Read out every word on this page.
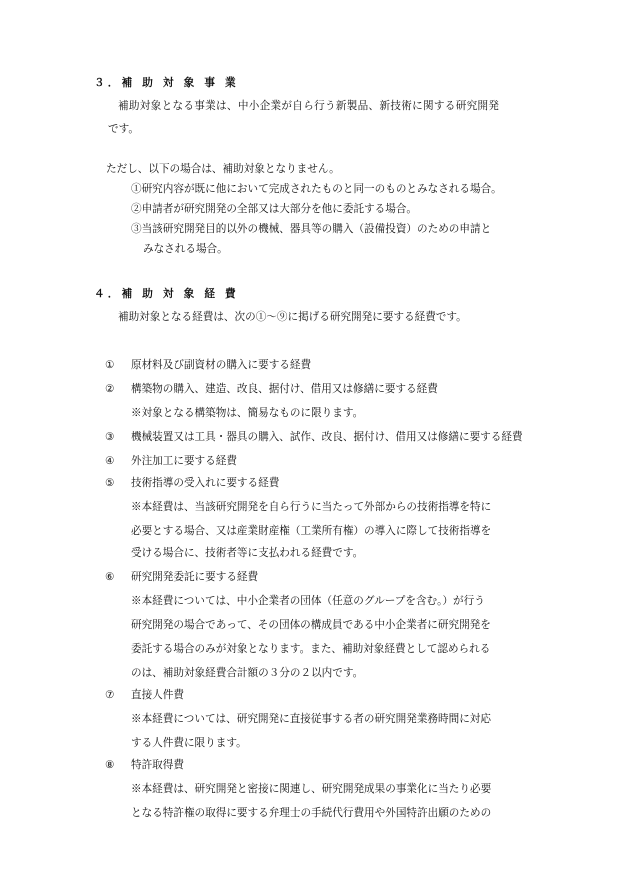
３．補 助 対 象 事 業
補助対象となる事業は、中小企業が自ら行う新製品、新技術に関する研究開発
です。
ただし、以下の場合は、補助対象となりません。
①研究内容が既に他において完成されたものと同一のものとみなされる場合。
②申請者が研究開発の全部又は大部分を他に委託する場合。
③当該研究開発目的以外の機械、器具等の購入（設備投資）のための申請と
みなされる場合。
４．補 助 対 象 経 費
補助対象となる経費は、次の①～⑨に掲げる研究開発に要する経費です。
① 原材料及び副資材の購入に要する経費
② 構築物の購入、建造、改良、据付け、借用又は修繕に要する経費
※対象となる構築物は、簡易なものに限ります。
③ 機械装置又は工具・器具の購入、試作、改良、据付け、借用又は修繕に要する経費
④ 外注加工に要する経費
⑤ 技術指導の受入れに要する経費
※本経費は、当該研究開発を自ら行うに当たって外部からの技術指導を特に
必要とする場合、又は産業財産権（工業所有権）の導入に際して技術指導を
受ける場合に、技術者等に支払われる経費です。
⑥ 研究開発委託に要する経費
※本経費については、中小企業者の団体（任意のグループを含む。）が行う
研究開発の場合であって、その団体の構成員である中小企業者に研究開発を
委託する場合のみが対象となります。また、補助対象経費として認められる
のは、補助対象経費合計額の３分の２以内です。
⑦ 直接人件費
※本経費については、研究開発に直接従事する者の研究開発業務時間に対応
する人件費に限ります。
⑧ 特許取得費
※本経費は、研究開発と密接に関連し、研究開発成果の事業化に当たり必要
となる特許権の取得に要する弁理士の手続代行費用や外国特許出願のための
